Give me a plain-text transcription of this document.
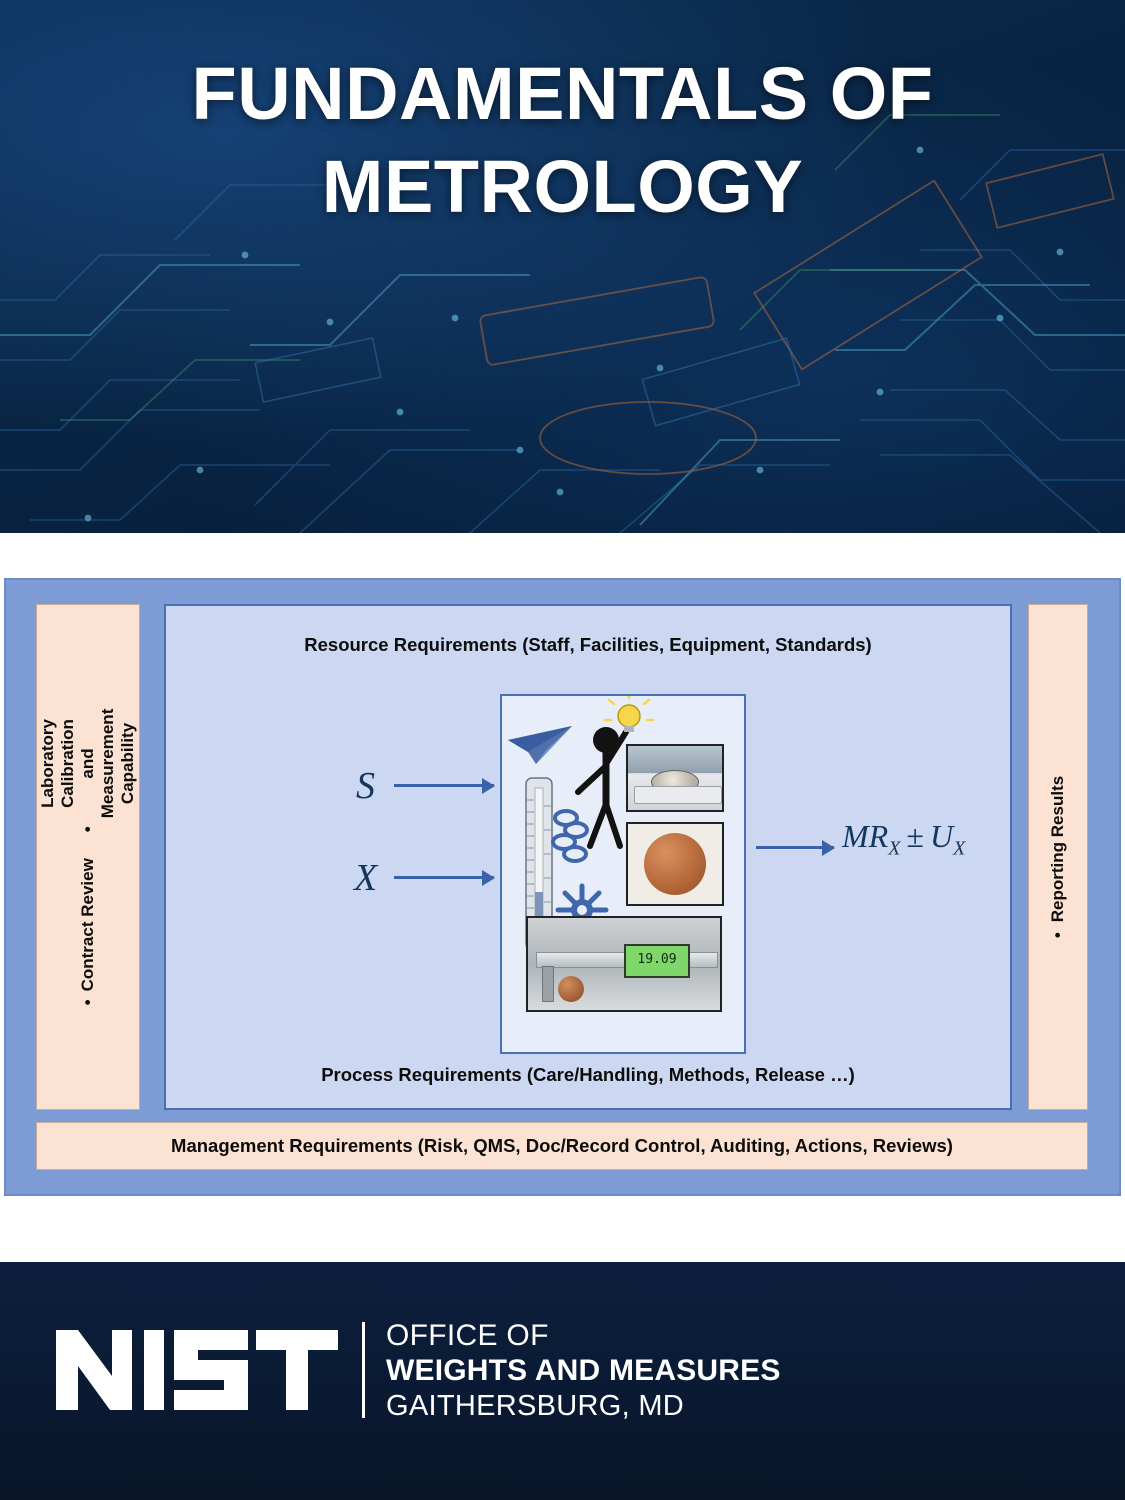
FUNDAMENTALS OF
METROLOGY
•
Contract Review
•
Laboratory Calibration and Measurement Capability
•
Reporting Results
Resource Requirements (Staff, Facilities, Equipment, Standards)
Process Requirements (Care/Handling, Methods, Release …)
S
X
$MR_X \pm U_X$
19.09
Management Requirements (Risk, QMS, Doc/Record Control, Auditing, Actions, Reviews)
OFFICE OF
WEIGHTS AND MEASURES
GAITHERSBURG, MD
